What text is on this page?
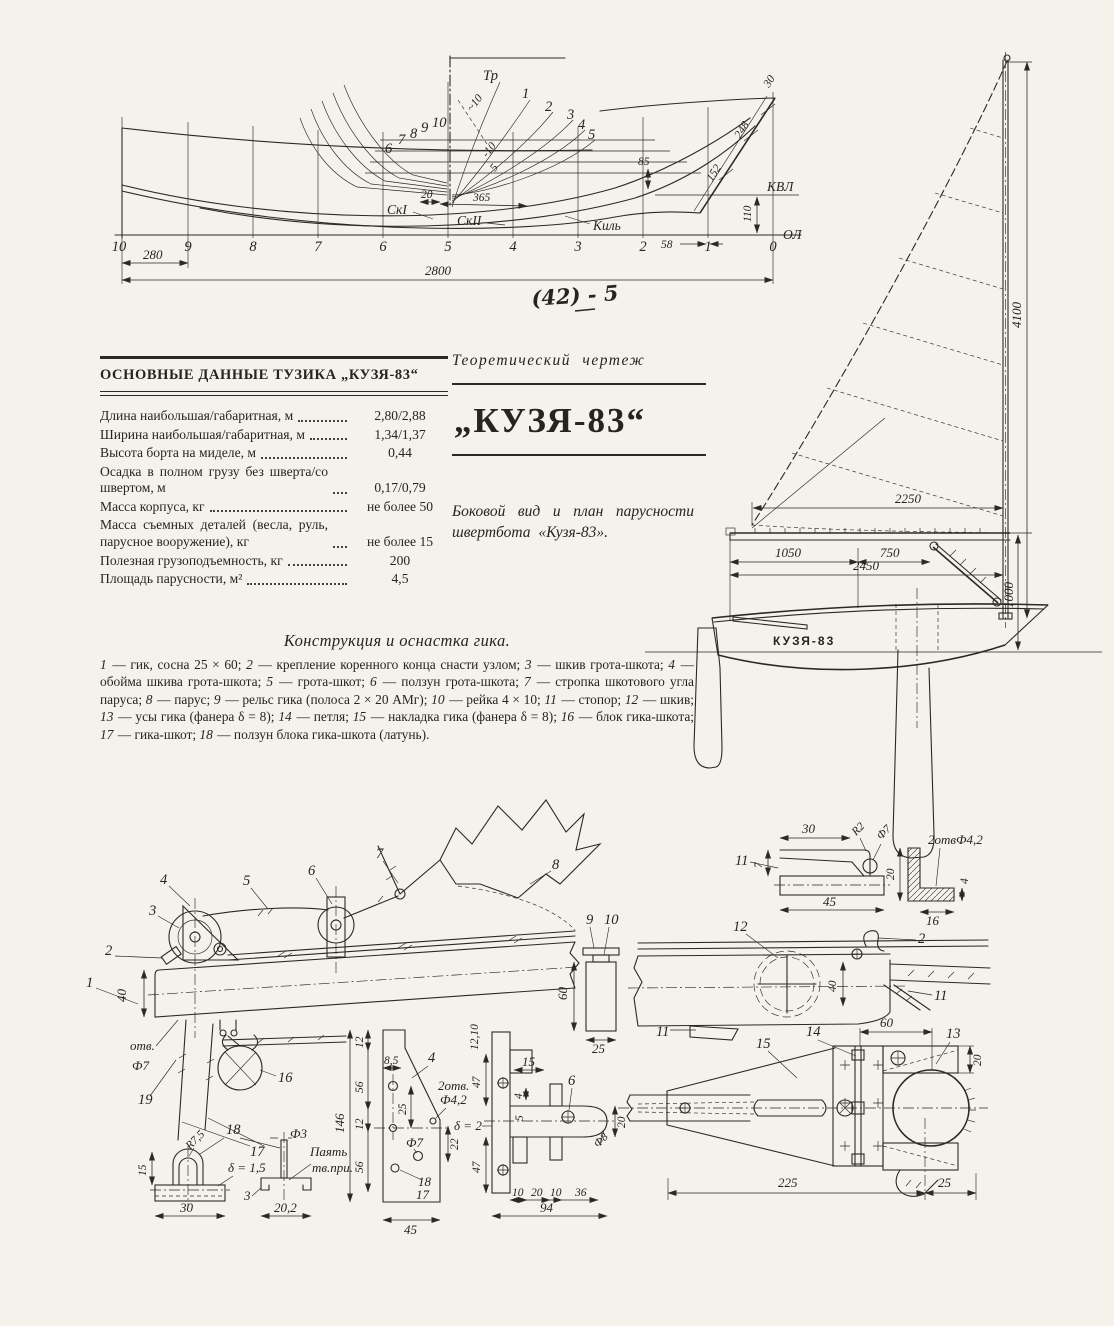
6
7 8 9 10
Тр
1
2 3
4
5
~10
-10
5
СкI
СкII	Киль
КВЛ
ОЛ
110
152
248
30
20	365
85
58
10	9	8	7	6	5	4	3	2	1	0
280
2800
(42) - 5
4100
2250
КУЗЯ-83
1050	750
2450
1000
ОСНОВНЫЕ ДАННЫЕ ТУЗИКА „КУЗЯ-83“
Длина наибольшая/габаритная, м	2,80/2,88
Ширина наибольшая/габаритная, м	1,34/1,37
Высота борта на миделе, м	0,44
Осадка в полном грузу без шверта/со швертом, м	0,17/0,79
Масса корпуса, кг	не более 50
Масса съемных деталей (весла, руль, парусное вооружение), кг	не более 15
Полезная грузоподъемность, кг	200
Площадь парусности, м²	4,5
Теоретический чертеж
„КУЗЯ-83“
Боковой вид и план парусности швертбота «Кузя-83».
Конструкция и оснастка гика.

1 — гик, сосна 25 × 60; 2 — крепление коренного конца снасти узлом; 3 — шкив грота-шкота; 4 — обойма шкива грота-шкота; 5 — грота-шкот; 6 — ползун грота-шкота; 7 — стропка шкотового угла паруса; 8 — парус; 9 — рельс гика (полоса 2 × 20 АМг); 10 — рейка 4 × 10; 11 — стопор; 12 — шкив; 13 — усы гика (фанера δ = 8); 14 — петля; 15 — накладка гика (фанера δ = 8); 16 — блок гика-шкота; 17 — гика-шкот; 18 — ползун блока гика-шкота (латунь).

1
2
3
4	5
6
7
8
40
отв.
Ф7
19
17
16
9 10
60
25
30	R2 Ф7
11 7
45
20
2отвФ4,2
4
16
12
2
11
11
40
15
14	13
60
20
225	25
12
56
12
56
146
8,5 4
2отв.
Ф4,2
25
Ф7 22
18
17
45
12,10
47
47
15
4
5
δ = 2
6
Ф8
20
10 20 10 36
94
15
R7,5
30
18	Ф3
Паять
тв.при.
δ = 1,5
3
20,2
